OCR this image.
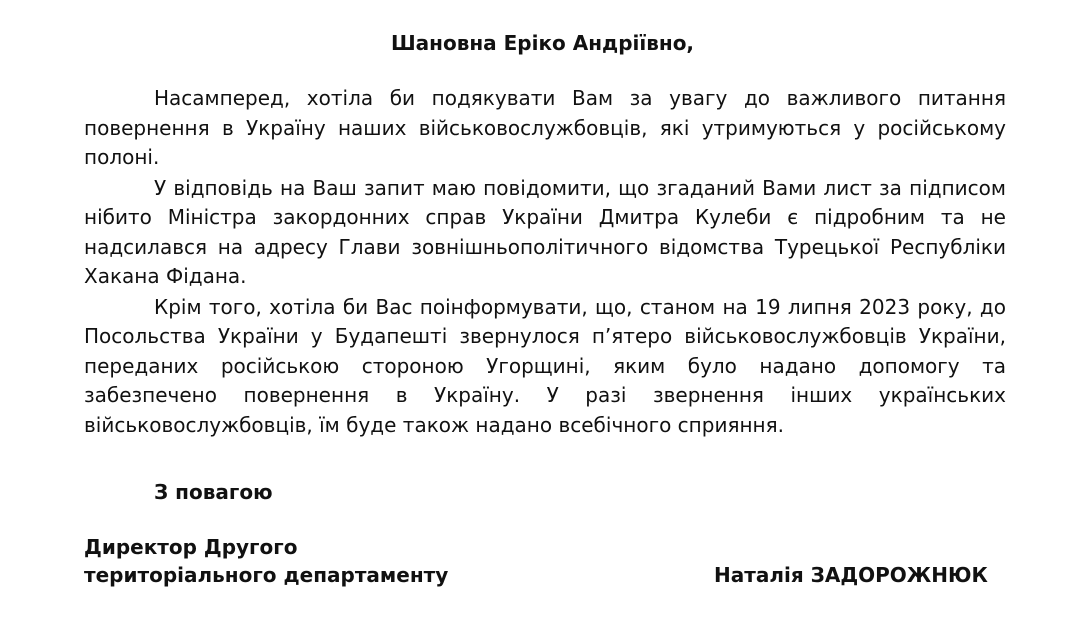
Шановна Еріко Андріївно,

Насамперед, хотіла би подякувати Вам за увагу до важливого питання повернення в Україну наших військовослужбовців, які утримуються у російському полоні.

У відповідь на Ваш запит маю повідомити, що згаданий Вами лист за підписом нібито Міністра закордонних справ України Дмитра Кулеби є підробним та не надсилався на адресу Глави зовнішньополітичного відомства Турецької Республіки Хакана Фідана.

Крім того, хотіла би Вас поінформувати, що, станом на 19 липня 2023 року, до Посольства України у Будапешті звернулося п’ятеро військовослужбовців України, переданих російською стороною Угорщині, яким було надано допомогу та забезпечено повернення в Україну. У разі звернення інших українських військовослужбовців, їм буде також надано всебічного сприяння.

З повагою

Директор Другого
територіального департаменту	Наталія ЗАДОРОЖНЮК
